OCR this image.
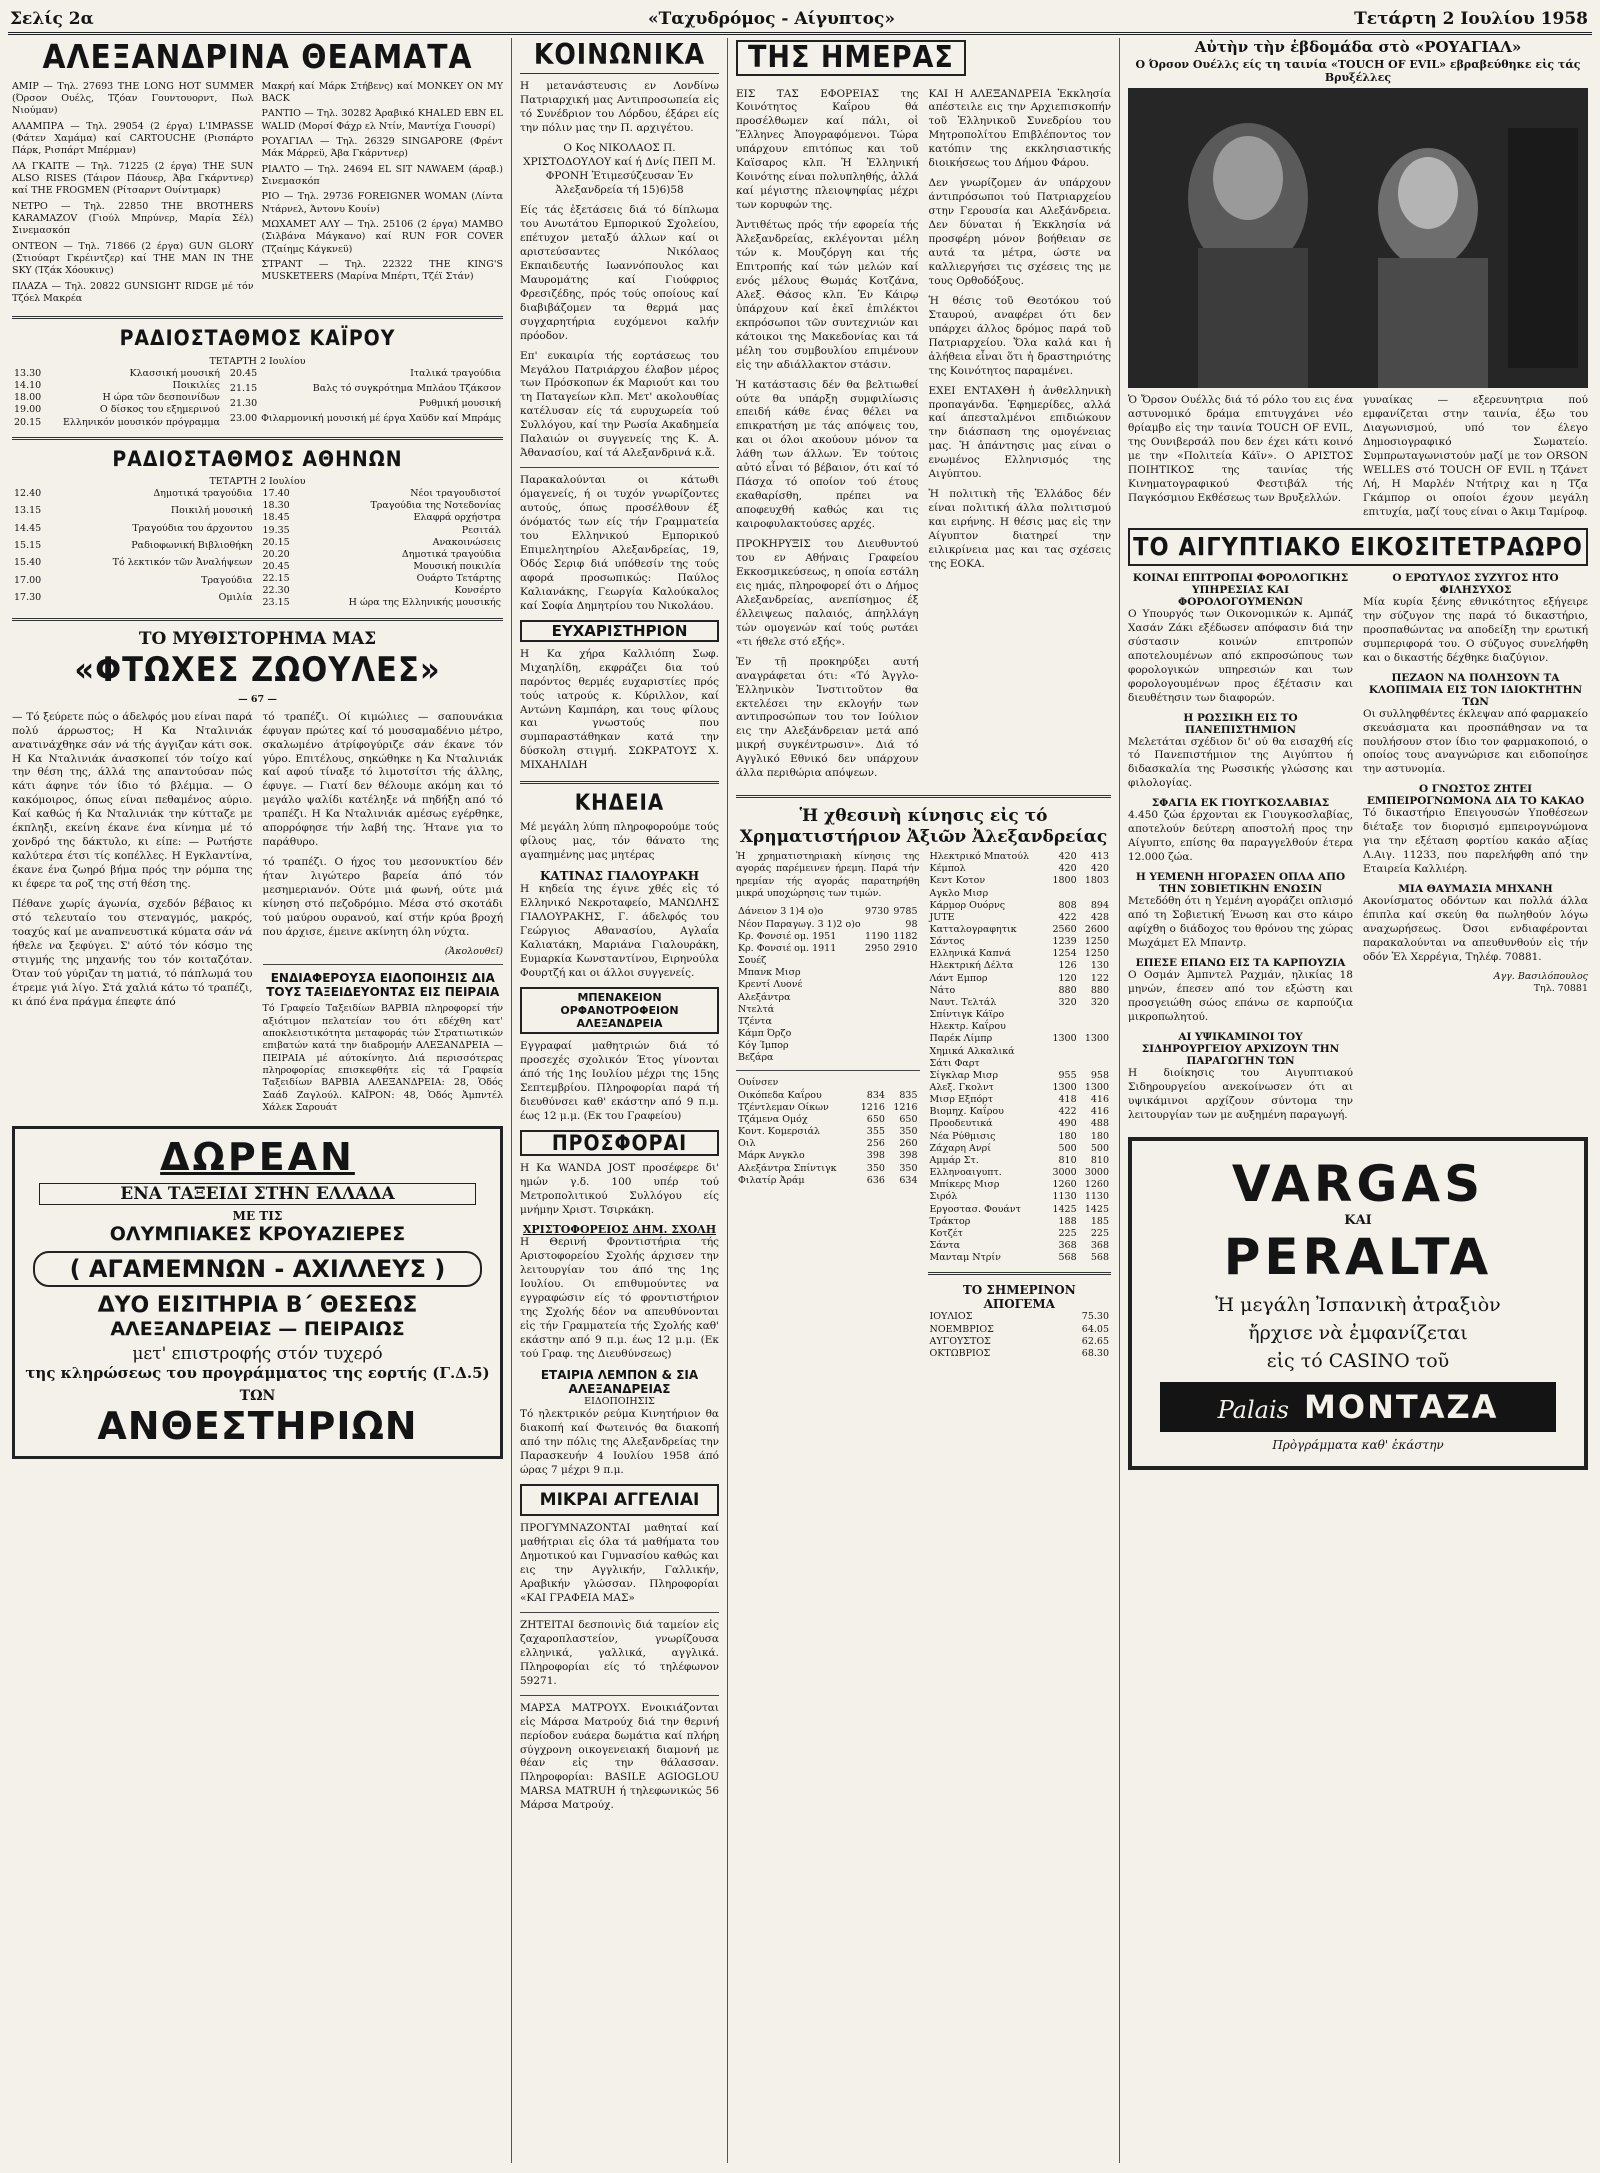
Σελίς 2α	«Ταχυδρόμος - Αίγυπτος»	Τετάρτη 2 Ιουλίου 1958
ΑΛΕΞΑΝΔΡΙΝΑ ΘΕΑΜΑΤΑ

ΑΜΙΡ — Τηλ. 27693 THE LONG HOT SUMMER (Όρσον Ουέλς, Τζόαν Γουντουορντ, Πωλ Νιούμαν)

ΑΛΑΜΠΡΑ — Τηλ. 29054 (2 έργα) L'IMPASSE (Φάτεν Χαμάμα) καί CARTOUCHE (Ρισπάρτο Πάρκ, Ρισπάρτ Μπέρμαν)

ΛΑ ΓΚΑΙΤΕ — Τηλ. 71225 (2 έργα) THE SUN ALSO RISES (Τάιρον Πάουερ, Άβα Γκάρντνερ) καί THE FROGMEN (Ρίτσαρντ Ουίντμαρκ)

ΝΕΤΡΟ — Τηλ. 22850 THE BROTHERS KARAMAZOV (Γιούλ Μπρύνερ, Μαρία Σέλ) Σινεμασκόπ

ΟΝΤΕΟΝ — Τηλ. 71866 (2 έργα) GUN GLORY (Στιούαρτ Γκρέιντζερ) καί THE MAN IN THE SKY (Τζάκ Χόουκινς)

ΠΛΑΖΑ — Τηλ. 20822 GUNSIGHT RIDGE μέ τόν Τζόελ Μακρέα

Μακρή καί Μάρκ Στήβενς) καί MONKEY ON MY BACK

ΡΑΝΤΙΟ — Τηλ. 30282 Άραβικό KHALED EBN EL WALID (Μορσί Φάχρ ελ Ντίν, Μαντίχα Γιουσρί)

ΡΟΥΑΓΙΑΛ — Τηλ. 26329 SINGAPORE (Φρέντ Μάκ Μάρρεϋ, Άβα Γκάρντνερ)

ΡΙΑΛΤΟ — Τηλ. 24694 EL SIT NAWAEM (άραβ.) Σινεμασκόπ

ΡΙΟ — Τηλ. 29736 FOREIGNER WOMAN (Λίντα Ντάρνελ, Άντονυ Κουίν)

ΜΩΧΑΜΕΤ ΑΛΥ — Τηλ. 25106 (2 έργα) MAMBO (Σιλβάνα Μάγκανο) καί RUN FOR COVER (Τζαίημς Κάγκνεϋ)

ΣΤΡΑΝΤ — Τηλ. 22322 THE KING'S MUSKETEERS (Μαρίνα Μπέρτι, Τζέϊ Στάν)

ΡΑΔΙΟΣΤΑΘΜΟΣ ΚΑΪΡΟΥ
ΤΕΤΑΡΤΗ 2 Ιουλίου
13.30	Κλασσική μουσική
14.10	Ποικιλίες
18.00	Η ώρα τῶν δεσποινίδων
19.00	Ο δίσκος του εξημερινού
20.15	Ελληνικόν μουσικόν πρόγραμμα
20.45	Ιταλικά τραγούδια
21.15	Βαλς τό συγκρότημα Μπλάου Τζάκσον
21.30	Ρυθμική μουσική
23.00	Φιλαρμονική μουσική μέ έργα Χαϋδν καί Μπράμς
ΡΑΔΙΟΣΤΑΘΜΟΣ ΑΘΗΝΩΝ
ΤΕΤΑΡΤΗ 2 Ιουλίου
12.40	Δημοτικά τραγούδια
13.15	Ποικιλή μουσική
14.45	Τραγούδια του άρχοντου
15.15	Ραδιοφωνική Βιβλιοθήκη
15.40	Τό λεκτικόν τῶν Ἀναλήψεων
17.00	Τραγούδια
17.30	Ομιλία
17.40	Νέοι τραγουδιστοί
18.30	Τραγούδια της Νοτεδονίας
18.45	Ελαφρά ορχήστρα
19.35	Ρεσιτάλ
20.15	Ανακοινώσεις
20.20	Δημοτικά τραγούδια
20.45	Μουσική ποικιλία
22.15	Ουάρτο Τετάρτης
22.30	Κονσέρτο
23.15	Η ώρα της Ελληνικής μουσικής
ΤΟ ΜΥΘΙΣΤΟΡΗΜΑ ΜΑΣ
«ΦΤΩΧΕΣ ΖΩΟΥΛΕΣ»
— 67 —

— Τό ξεύρετε πώς ο άδελφός μου είναι παρά πολύ άρρωστος; Η Κα Νταλινιάκ ανατινάχθηκε σάν νά τής άγγιζαν κάτι σοκ. Η Κα Νταλινιάκ άνασκοπεί τόν τοίχο καί την θέση της, άλλά της απαντούσαν πώς κάτι άφηνε τόν ίδιο τό βλέμμα. — Ο κακόμοιρος, όπως είναι πεθαμένος αύριο. Καί καθώς ή Κα Νταλινιάκ την κύτταζε με έκπληξι, εκείνη έκανε ένα κίνημα μέ τό χονδρό της δάκτυλο, κι είπε: — Ρωτήστε καλύτερα έτσι τίς κοπέλλες. Η Εγκλαντίνα, έκανε ένα ζωηρό βήμα πρός την ρόμπα της κι έφερε τα ροζ της στή θέση της.

Πέθανε χωρίς άγωνία, σχεδόν βέβαιος κι στό τελευταίο του στεναγμός, μακρός, τοαχύς καί με αναπνευστικά κύματα σάν νά ήθελε να ξεφύγει. Σ' αύτό τόν κόσμο της στιγμής της μηχανής του τόν κοιταζόταν. Όταν τού γύριζαν τη ματιά, τό πάπλωμά του έτρεμε γιά λίγο. Στά χαλιά κάτω τό τραπέζι, κι άπό ένα πράγμα έπεφτε άπό

τό τραπέζι. Οί κιμώλιες — σαπουνάκια έφυγαν πρώτες καί τό μουσαμαδένιο μέτρο, σκαλωμένο άτρίφογύριζε σάν έκανε τόν γύρο. Επιτέλους, σηκώθηκε η Κα Νταλινιάκ καί αφού τίναξε τό λιμοτσίτσι τής άλλης, έφυγε. — Γιατί δεν θέλουμε ακόμη και τό μεγάλο ψαλίδι κατέληξε νά πηδήξη από τό τραπέζι. Η Κα Νταλινιάκ αμέσως εγέρθηκε, απορρόφησε τήν λαβή της. Ήτανε για το παράθυρο.

τό τραπέζι. Ο ήχος του μεσονυκτίου δέν ήταν λιγώτερο βαρεία άπό τόν μεσημεριανόν. Ούτε μιά φωνή, ούτε μιά κίνηση στό πεζοδρόμιο. Μέσα στό σκοτάδι τού μαύρου ουρανού, καί στήν κρύα βροχή που άρχισε, έμεινε ακίνητη όλη νύχτα.

(Ἀκολουθεῖ)
ΕΝΔΙΑΦΕΡΟΥΣΑ ΕΙΔΟΠΟΙΗΣΙΣ ΔΙΑ ΤΟΥΣ ΤΑΞΕΙΔΕΥΟΝΤΑΣ ΕΙΣ ΠΕΙΡΑΙΑ

Τό Γραφείο Ταξειδίων ΒΑΡΒΙΑ πληροφορεί τήν αξιότιμον πελατείαν του ότι εδέχθη κατ' αποκλειστικότητα μεταφοράς τών Στρατιωτικών επιβατών κατά την διαδρομήν ΑΛΕΞΑΝΔΡΕΙΑ — ΠΕΙΡΑΙΑ μέ αύτοκίνητο. Διά περισσότερας πληροφορίας επισκεφθήτε εἰς τά Γραφεία Ταξειδίων ΒΑΡΒΙΑ ΑΛΕΞΑΝΔΡΕΙΑ: 28, Ὁδός Σαάδ Ζαγλούλ. ΚΑΪΡΟΝ: 48, Ὁδός Ἀμπντέλ Χάλεκ Σαρουάτ

ΔΩΡΕΑΝ
ΕΝΑ ΤΑΞΕΙΔΙ ΣΤΗΝ ΕΛΛΑΔΑ
ΜΕ ΤΙΣ
ΟΛΥΜΠΙΑΚΕΣ ΚΡΟΥΑΖΙΕΡΕΣ
( ΑΓΑΜΕΜΝΩΝ - ΑΧΙΛΛΕΥΣ )
ΔΥΟ ΕΙΣΙΤΗΡΙΑ Β΄ ΘΕΣΕΩΣ
ΑΛΕΞΑΝΔΡΕΙΑΣ — ΠΕΙΡΑΙΩΣ
μετ' επιστροφής στόν τυχερό
της κληρώσεως του προγράμματος της εορτής (Γ.Δ.5)
ΤΩΝ
ΑΝΘΕΣΤΗΡΙΩΝ
ΚΟΙΝΩΝΙΚΑ

Η μετανάστευσις εν Λονδίνω Πατριαρχική μας Αντιπροσωπεία εἰς τό Συνέδριον του Λόρδου, έξάρει είς την πόλιν μας την Π. αρχιγέτου.

Ο Κος ΝΙΚΟΛΑΟΣ Π. ΧΡΙΣΤΟΔΟΥΛΟΥ καί ή Δνίς ΠΕΠ Μ. ΦΡΟΝΗ Ἐτιμεσύζευσαν Ἐν Ἀλεξανδρεία τή 15)6)58

Είς τάς ἐξετάσεις διά τό δίπλωμα του Ανωτάτου Εμπορικού Σχολείου, επέτυχον μεταξύ άλλων καί οι αριστεύσαντες Νικόλαος Εκπαιδευτής Ιωαννόπουλος και Μαυρομάτης καί Γιούφριος Φρεσιζέδης, πρός τούς οποίους καί διαβιβάζομεν τα θερμά μας συγχαρητήρια ευχόμενοι καλήν πρόοδον.

Επ' ευκαιρία τής εορτάσεως του Μεγάλου Πατριάρχου έλαβον μέρος των Πρόσκοπων έκ Μαριούτ και του τη Παταγείων κλπ. Μετ' ακολουθίας κατέλυσαν είς τά ευρυχωρεία τού Συλλόγου, καί την Ρωσία Ακαδημεία Παλαιών οι συγγενείς της Κ. Α. Ἀθανασίου, καί τά Αλεξανδρινά κ.ἄ.

Παρακαλούνται οι κάτωθι όμαγενείς, ή οι τυχόν γνωρίζοντες αυτούς, όπως προσέλθουν έξ όνόματός των είς τήν Γραμματεία του Ελληνικού Εμπορικού Επιμελητηρίου Αλεξανδρείας, 19, Όδός Σεριφ διά υπόθεσίν της τούς αφορά προσωπικώς: Παύλος Καλιανάκης, Γεωργία Καλούκαλος καί Σοφία Δημητρίου του Νικολάου.

ΕΥΧΑΡΙΣΤΗΡΙΟΝ

Η Κα χήρα Καλλιόπη Σωφ. Μιχαηλίδη, εκφράζει δια τού παρόντος θερμές ευχαριστίες πρός τούς ιατρούς κ. Κύριλλον, καί Αντώνη Καμπάρη, και τους φίλους και γνωστούς που συμπαραστάθηκαν κατά την δύσκολη στιγμή. ΣΩΚΡΑΤΟΥΣ Χ. ΜΙΧΑΗΛΙΔΗ

ΚΗΔΕΙΑ

Μέ μεγάλη λύπη πληροφορούμε τούς φίλους μας, τόν θάνατο της αγαπημένης μας μητέρας

ΚΑΤΙΝΑΣ ΓΙΑΛΟΥΡΑΚΗ

Η κηδεία της έγινε χθές εἰς τό Ελληνικό Νεκροταφείο, ΜΑΝΩΛΗΣ ΓΙΑΛΟΥΡΑΚΗΣ, Γ. άδελφός του Γεώργιος Αθανασίου, Αγλαΐα Καλιατάκη, Μαριάνα Γιαλουράκη, Ευμαρκία Κωνσταντίνου, Ειρηνούλα Φουρτζή και οι άλλοι συγγενείς.

ΜΠΕΝΑΚΕΙΟΝ ΟΡΦΑΝΟΤΡΟΦΕΙΟΝ ΑΛΕΞΑΝΔΡΕΙΑ

Εγγραφαί μαθητριών διά τό προσεχές σχολικόν Έτος γίνονται άπό τής 1ης Ιουλίου μέχρι της 15ης Σεπτεμβρίου. Πληροφορίαι παρά τή διευθύνσει καθ' εκάστην από 9 π.μ. έως 12 μ.μ. (Εκ του Γραφείου)

ΠΡΟΣΦΟΡΑΙ

Η Κα WANDA JOST προσέφερε δι' ημών γ.δ. 100 υπέρ τού Μετροπολιτικού Συλλόγου είς μνήμην Χριστ. Τσιρκάκη.

ΧΡΙΣΤΟΦΟΡΕΙΟΣ ΔΗΜ. ΣΧΟΛΗ

Η Θερινή Φροντιστήρια τής Αριστοφορείου Σχολής άρχισεν την λειτουργίαν του άπό της 1ης Ιουλίου. Οι επιθυμούντες να εγγραφώσιν είς τό φροντιστήριον της Σχολής δέον να απευθύνονται εἰς τήν Γραμματεία τής Σχολής καθ' εκάστην από 9 π.μ. έως 12 μ.μ. (Εκ τού Γραφ. της Διευθύνσεως)

ΕΤΑΙΡΙΑ ΛΕΜΠΟΝ & ΣΙΑ ΑΛΕΞΑΝΔΡΕΙΑΣ
ΕΙΔΟΠΟΙΗΣΙΣ

Τό ηλεκτρικόν ρεύμα Κινητήριον θα διακοπή καί Φωτεινός θα διακοπή από την πόλις της Αλεξανδρείας την Παρασκευήν 4 Ιουλίου 1958 άπό ώρας 7 μέχρι 9 π.μ.

ΜΙΚΡΑΙ ΑΓΓΕΛΙΑΙ

ΠΡΟΓΥΜΝΑΖΟΝΤΑΙ μαθηταί καί μαθήτριαι εἰς όλα τά μαθήματα του Δημοτικού και Γυμνασίου καθώς και εις την Αγγλικήν, Γαλλικήν, Αραβικήν γλώσσαν. Πληροφορίαι «ΚΑΙ ΓΡΑΦΕΙΑ ΜΑΣ»

ΖΗΤΕΙΤΑΙ δεσποινὶς διά ταμείον εἰς ζαχαροπλαστείον, γνωρίζουσα ελληνικά, γαλλικά, αγγλικά. Πληροφορίαι είς τό τηλέφωνον 59271.

ΜΑΡΣΑ ΜΑΤΡΟΥΧ. Ενοικιάζονται εἰς Μάρσα Ματρούχ διά την θερινή περίοδον ευάερα δωμάτια καί πλήρη σύγχρονη οικογενειακή διαμονή με θέαν εἰς την θάλασσαν. Πληροφορίαι: BASILE AGIOGLOU MARSA MATRUH ή τηλεφωνικώς 56 Μάρσα Ματρούχ.

ΤΗΣ ΗΜΕΡΑΣ

ΕΙΣ ΤΑΣ ΕΦΟΡΕΙΑΣ της Κοινότητος Καΐρου θά προσέλθωμεν καί πάλι, οἱ Ἕλληνες Ἀπογραφόμενοι. Τώρα υπάρχουν επιτόπως και τοῦ Καϊσαρος κλπ. Ἡ Ἑλληνική Κοινότης είναι πολυπληθής, ἀλλά καί μέγιστης πλειοψηφίας μέχρι των κορυφών της.

Ἀντιθέτως πρός τήν εφορεία τής Ἀλεξανδρείας, εκλέγονται μέλη τών κ. Μουζόργη και τής Επιτροπής καί τών μελών καί ενός μέλους Θωμάς Κοτζάνα, Αλεξ. Θάσος κλπ. Ἐν Κάιρῳ ὑπάρχουν καί ἐκεῖ ἐπιλέκτοι εκπρόσωποι τῶν συντεχνιών και κάτοικοι της Μακεδονίας και τά μέλη του συμβουλίου επιμένουν εἰς την αδιάλλακτον στάσιν.

Ἡ κατάστασις δέν θα βελτιωθεί ούτε θα υπάρξη συμφιλίωσις επειδή κάθε ένας θέλει να επικρατήση με τάς απόψεις του, και οι όλοι ακούουν μόνον τα λάθη των άλλων. Ἐν τούτοις αὐτό εἶναι τό βέβαιον, ότι καί τό Πάσχα τό οποίον τού έτους εκαθαρίσθη, πρέπει να αποφευχθή καθώς και τις καιροφυλακτούσες αρχές.

ΠΡΟΚΗΡΥΞΙΣ του Διευθυντού του εν Αθήναις Γραφείου Εκκοσμικεύσεως, η οποία εστάλη εις ημάς, πληροφορεί ότι ο Δήμος Αλεξανδρείας, ανεπίσημος έξ έλλειψεως παλαιός, άπηλλάγη τών ομογενών καί τούς ρωτάει «τι ήθελε στό εξής».

Ἐν τῇ προκηρύξει αυτή αναγράφεται ότι: «Τό Ἀγγλο-Ἑλληνικὸν Ἰνστιτοῦτον θα εκτελέσει την εκλογήν των αντιπροσώπων του τον Ιούλιον εις την Αλεξάνδρειαν μετά από μικρή συγκέντρωσιν». Διά τό Αγγλικό Εθνικό δεν υπάρχουν άλλα περιθώρια απόψεων.

ΚΑΙ Η ΑΛΕΞΑΝΔΡΕΙΑ Ἐκκλησία απέστειλε εις την Αρχιεπισκοπήν τοῦ Ἑλληνικοῦ Συνεδρίου του Μητροπολίτου Επιβλέποντος τον κατόπιν της εκκλησιαστικής διοικήσεως του Δήμου Φάρου.

Δεν γνωρίζομεν άν υπάρχουν άντιπρόσωποι τού Πατριαρχείου στην Γερουσία και Αλεξάνδρεια. Δεν δύναται ή Ἐκκλησία νά προσφέρη μόνον βοήθειαν σε αυτά τα μέτρα, ώστε να καλλιεργήσει τις σχέσεις της με τους Ορθοδόξους.

Ἡ θέσις τοῦ Θεοτόκου τού Σταυρού, αναφέρει ότι δεν υπάρχει άλλος δρόμος παρά τοῦ Πατριαρχείου. Ὅλα καλά και ἡ ἀλήθεια εἶναι ὅτι ἡ δραστηριότης της Κοινότητος παραμένει.

ΕΧΕΙ ΕΝΤΑΧΘΗ ἡ ἀνθελληνικὴ προπαγάνδα. Ἐφημερίδες, αλλά καί άπεσταλμένοι επιδιώκουν την διάσπαση της ομογένειας μας. Ἡ ἀπάντησις μας είναι ο ενωμένος Ελληνισμός της Αιγύπτου.

Ἡ πολιτικὴ τῆς Ἑλλάδος δέν είναι πολιτική άλλα πολιτισμού και ειρήνης. Η θέσις μας εἰς την Αίγυπτον διατηρεί την ειλικρίνεια μας και τας σχέσεις της ΕΟΚΑ.

Ἡ χθεσινὴ κίνησις εἰς τό Χρηματιστήριον Ἀξιῶν Ἀλεξανδρείας

Ἡ χρηματιστηριακὴ κίνησις της αγοράς παρέμεινεν ήρεμη. Παρά τήν ηρεμίαν τής αγοράς παρατηρήθη μικρά υποχώρησις των τιμών.

Δάνειον 3 1)4 ο)ο	9730	9785
Νέον Παραγωγ. 3 1)2 ο)ο		98
Κρ. Φονσιέ ομ. 1951	1190	1182
Κρ. Φονσιέ ομ. 1911	2950	2910
Σουέζ		
Μπανκ Μισρ		
Κρεντί Λυονέ		
Αλεξάντρα		
Ντελτά		
Τζέντα		
Κάμπ Όρζο		
Κόγ Ίμπορ		
Βεζάρα		
Ουίνσεν		
Οικόπεδα Καΐρου	834	835
Τζέντλεμαν Οίκων	1216	1216
Τζάμενα Ομόχ	650	650
Κοντ. Κομερσιάλ	355	350
Οιλ	256	260
Μάρκ Ανγκλο	398	398
Αλεξάντρα Σπίντιγκ	350	350
Φιλατίρ Ἀράμ	636	634
Ηλεκτρικό Μπατούλ	420	413
Κέμπολ	420	420
Κεντ Κοτον	1800	1803
Αγκλο Μισρ		
Κάρμορ Ουόρνς	808	894
JUTE	422	428
Κατταλογραφητικ	2560	2600
Σάντος	1239	1250
Ελληνικά Καπνά	1254	1250
Ηλεκτρική Δέλτα	126	130
Λάντ Εμπορ	120	122
Νάτο	880	880
Ναυτ. Τελτάλ	320	320
Σπίντιγκ Κάϊρο		
Ηλεκτρ. Καΐρου		
Παρέκ Λίμπρ	1300	1300
Χημικά Αλκαλικά		
Σάτι Φαρτ		
Σίγκλαρ Μισρ	955	958
Αλεξ. Γκολντ	1300	1300
Μισρ Εξπόρτ	418	416
Βιομηχ. Καΐρου	422	416
Προοδευτικά	490	488
Νέα Ρύθμισις	180	180
Ζάχαρη Ανρί	500	500
Αμμάρ Στ.	810	810
Ελληνοαιγυπτ.	3000	3000
Μπίκερς Μισρ	1260	1260
Σιρόλ	1130	1130
Εργοστασ. Φουάντ	1425	1425
Τράκτορ	188	185
Κοτζέτ	225	225
Σάντα	368	368
Μανταμ Ντρίν	568	568
ΤΟ ΣΗΜΕΡΙΝΟΝ ΑΠΟΓΕΜΑ
ΙΟΥΛΙΟΣ	75.30
ΝΟΕΜΒΡΙΟΣ	64.05
ΑΥΓΟΥΣΤΟΣ	62.65
ΟΚΤΩΒΡΙΟΣ	68.30
Αὐτὴν τὴν ἑβδομάδα στὸ «ΡΟΥΑΓΙΑΛ»
Ο Όρσον Ουέλλς είς τη ταινία «TOUCH OF EVIL» εβραβεύθηκε εἰς τάς Βρυξέλλες

Ὁ Ὄρσον Ουέλλς διά τό ρόλο του εις ένα αστυνομικό δράμα επιτυγχάνει νέο θρίαμβο εἰς την ταινία TOUCH OF EVIL, της Ουνιβερσάλ που δεν έχει κάτι κοινό με την «Πολιτεία Κάϊν». Ο ΑΡΙΣΤΟΣ ΠΟΙΗΤΙΚΟΣ της ταινίας τής Κινηματογραφικού Φεστιβάλ τής Παγκόσμιου Εκθέσεως των Βρυξελλών.

γυναίκας — εξερευνητρια πού εμφανίζεται στην ταινία, έξω του Διαγωνισμού, υπό τον έλεγο Δημοσιογραφικό Σωματείο. Συμπρωταγωνιστούν μαζί με τον ORSON WELLES στό TOUCH OF EVIL η Τζάνετ Λή, Η Μαρλέν Ντήτριχ και η Τζα Γκάμπορ οι οποίοι έχουν μεγάλη επιτυχία, μαζί τους είναι ο Άκιμ Ταμίροφ.

ΤΟ ΑΙΓΥΠΤΙΑΚΟ ΕΙΚΟΣΙΤΕΤΡΑΩΡΟ
ΚΟΙΝΑΙ ΕΠΙΤΡΟΠΑΙ ΦΟΡΟΛΟΓΙΚΗΣ ΥΠΗΡΕΣΙΑΣ ΚΑΙ ΦΟΡΟΛΟΓΟΥΜΕΝΩΝ

Ο Υπουργός των Οικονομικών κ. Αμπάζ Χασάν Ζάκι εξέδωσεν απόφασιν διά την σύστασιν κοινών επιτροπών αποτελουμένων από εκπροσώπους των φορολογικών υπηρεσιών και των φορολογουμένων προς έξέτασιν και διευθέτησιν των διαφορών.

Η ΡΩΣΣΙΚΗ ΕΙΣ ΤΟ ΠΑΝΕΠΙΣΤΗΜΙΟΝ

Μελετάται σχέδιον δι' ού θα εισαχθή είς τό Πανεπιστήμιον της Αιγύπτου ή διδασκαλία της Ρωσσικής γλώσσης και φιλολογίας.

ΣΦΑΓΙΑ ΕΚ ΓΙΟΥΓΚΟΣΛΑΒΙΑΣ

4.450 ζώα έρχονται εκ Γιουγκοσλαβίας, αποτελούν δεύτερη αποστολή προς την Αίγυπτο, επίσης θα παραγγελθούν έτερα 12.000 ζώα.

Η ΥΕΜΕΝΗ ΗΓΟΡΑΣΕΝ ΟΠΛΑ ΑΠΟ ΤΗΝ ΣΟΒΙΕΤΙΚΗΝ ΕΝΩΣΙΝ

Μετεδόθη ότι η Υεμένη αγοράζει οπλισμό από τη Σοβιετική Ένωση και στο κάιρο αφίχθη ο διάδοχος του θρόνου της χώρας Μωχάμετ Ελ Μπαντρ.

ΕΠΕΣΕ ΕΠΑΝΩ ΕΙΣ ΤΑ ΚΑΡΠΟΥΖΙΑ

Ο Οσμάν Άμπντελ Ραχμάν, ηλικίας 18 μηνών, έπεσεν από τον εξώστη και προσγειώθη σώος επάνω σε καρπούζια μικροπωλητού.

ΑΙ ΥΨΙΚΑΜΙΝΟΙ ΤΟΥ ΣΙΔΗΡΟΥΡΓΕΙΟΥ ΑΡΧΙΖΟΥΝ ΤΗΝ ΠΑΡΑΓΩΓΗΝ ΤΩΝ

Η διοίκησις του Αιγυπτιακού Σιδηρουργείου ανεκοίνωσεν ότι αι υψικάμινοι αρχίζουν σύντομα την λειτουργίαν των με αυξημένη παραγωγή.

Ο ΕΡΩΤΥΛΟΣ ΣΥΖΥΓΟΣ ΗΤΟ ΦΙΛΗΣΥΧΟΣ

Μία κυρία ξένης εθνικότητος εξήγειρε την σύζυγον της παρά τό δικαστήριο, προσπαθώντας να αποδείξη την ερωτική συμπεριφορά του. Ο σύζυγος συνελήφθη και ο δικαστής δέχθηκε διαζύγιον.

ΠΕΖΑΟΝ ΝΑ ΠΟΛΗΣΟΥΝ ΤΑ ΚΛΟΠΙΜΑΙΑ ΕΙΣ ΤΟΝ ΙΔΙΟΚΤΗΤΗΝ ΤΩΝ

Οι συλληφθέντες έκλεψαν από φαρμακείο σκευάσματα και προσπάθησαν να τα πουλήσουν στον ίδιο τον φαρμακοποιό, ο οποίος τους αναγνώρισε και ειδοποίησε την αστυνομία.

Ο ΓΝΩΣΤΟΣ ΖΗΤΕΙ ΕΜΠΕΙΡΟΓΝΩΜΟΝΑ ΔΙΑ ΤΟ ΚΑΚΑΟ

Τό δικαστήριο Επειγουσών Υποθέσεων διέταξε τον διορισμό εμπειρογνώμονα για την εξέταση φορτίου κακάο αξίας Λ.Αιγ. 11233, που παρελήφθη από την Εταιρεία Καλλιέρη.

ΜΙΑ ΘΑΥΜΑΣΙΑ ΜΗΧΑΝΗ

Ακονίσματος οδόντων και πολλά άλλα έπιπλα καί σκεύη θα πωληθούν λόγω αναχωρήσεως. Όσοι ενδιαφέρονται παρακαλούνται να απευθυνθούν εἰς τήν οδόν Ἐλ Χερρέγια, Τηλέφ. 70881.

Αγγ. Βασιλόπουλος
Τηλ. 70881
VARGAS
ΚΑΙ
PERALTA
Ἡ μεγάλη Ἰσπανικὴ ἀτραξιὸν
ἤρχισε νὰ ἐμφανίζεται
εἰς τό CASINO τοῦ
Palais ΜΟΝΤΑΖΑ
Πρὸγράμματα καθ' ἑκάστην
